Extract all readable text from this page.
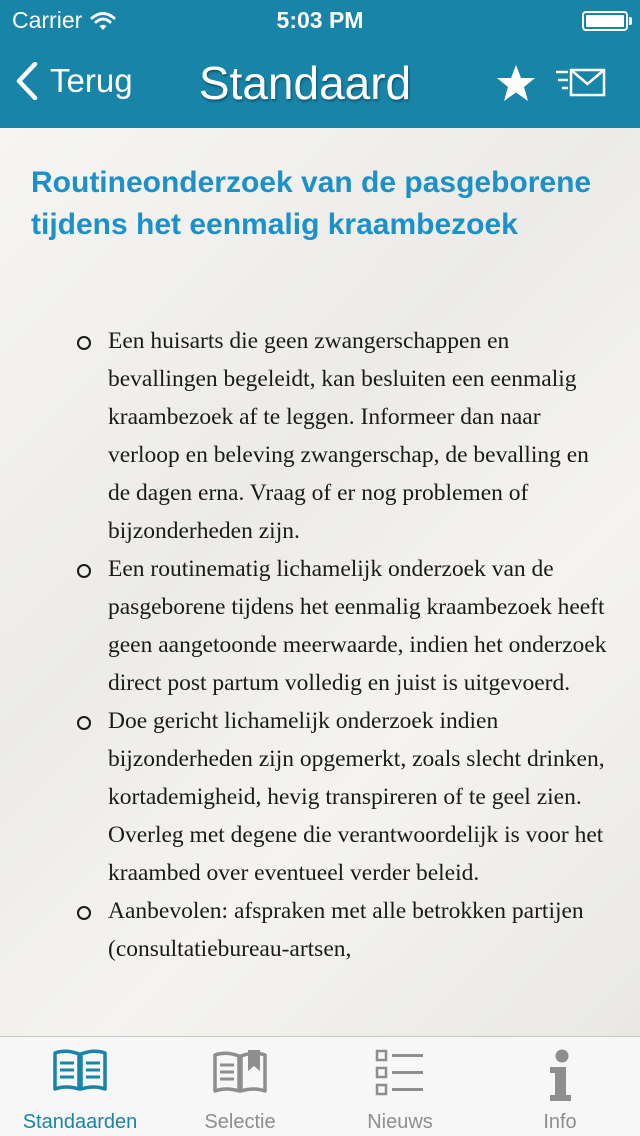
Carrier	5:03 PM
Terug	Standaard
Routineonderzoek van de pasgeborene tijdens het eenmalig kraambezoek
Een huisarts die geen zwangerschappen en bevallingen begeleidt, kan besluiten een eenmalig kraambezoek af te leggen. Informeer dan naar verloop en beleving zwangerschap, de bevalling en de dagen erna. Vraag of er nog problemen of bijzonderheden zijn.
Een routinematig lichamelijk onderzoek van de pasgeborene tijdens het eenmalig kraambezoek heeft geen aangetoonde meerwaarde, indien het onderzoek direct post partum volledig en juist is uitgevoerd.
Doe gericht lichamelijk onderzoek indien bijzonderheden zijn opgemerkt, zoals slecht drinken, kortademigheid, hevig transpireren of te geel zien. Overleg met degene die verantwoordelijk is voor het kraambed over eventueel verder beleid.
Aanbevolen: afspraken met alle betrokken partijen (consultatiebureau-artsen,
Standaarden	Selectie	Nieuws	Info
